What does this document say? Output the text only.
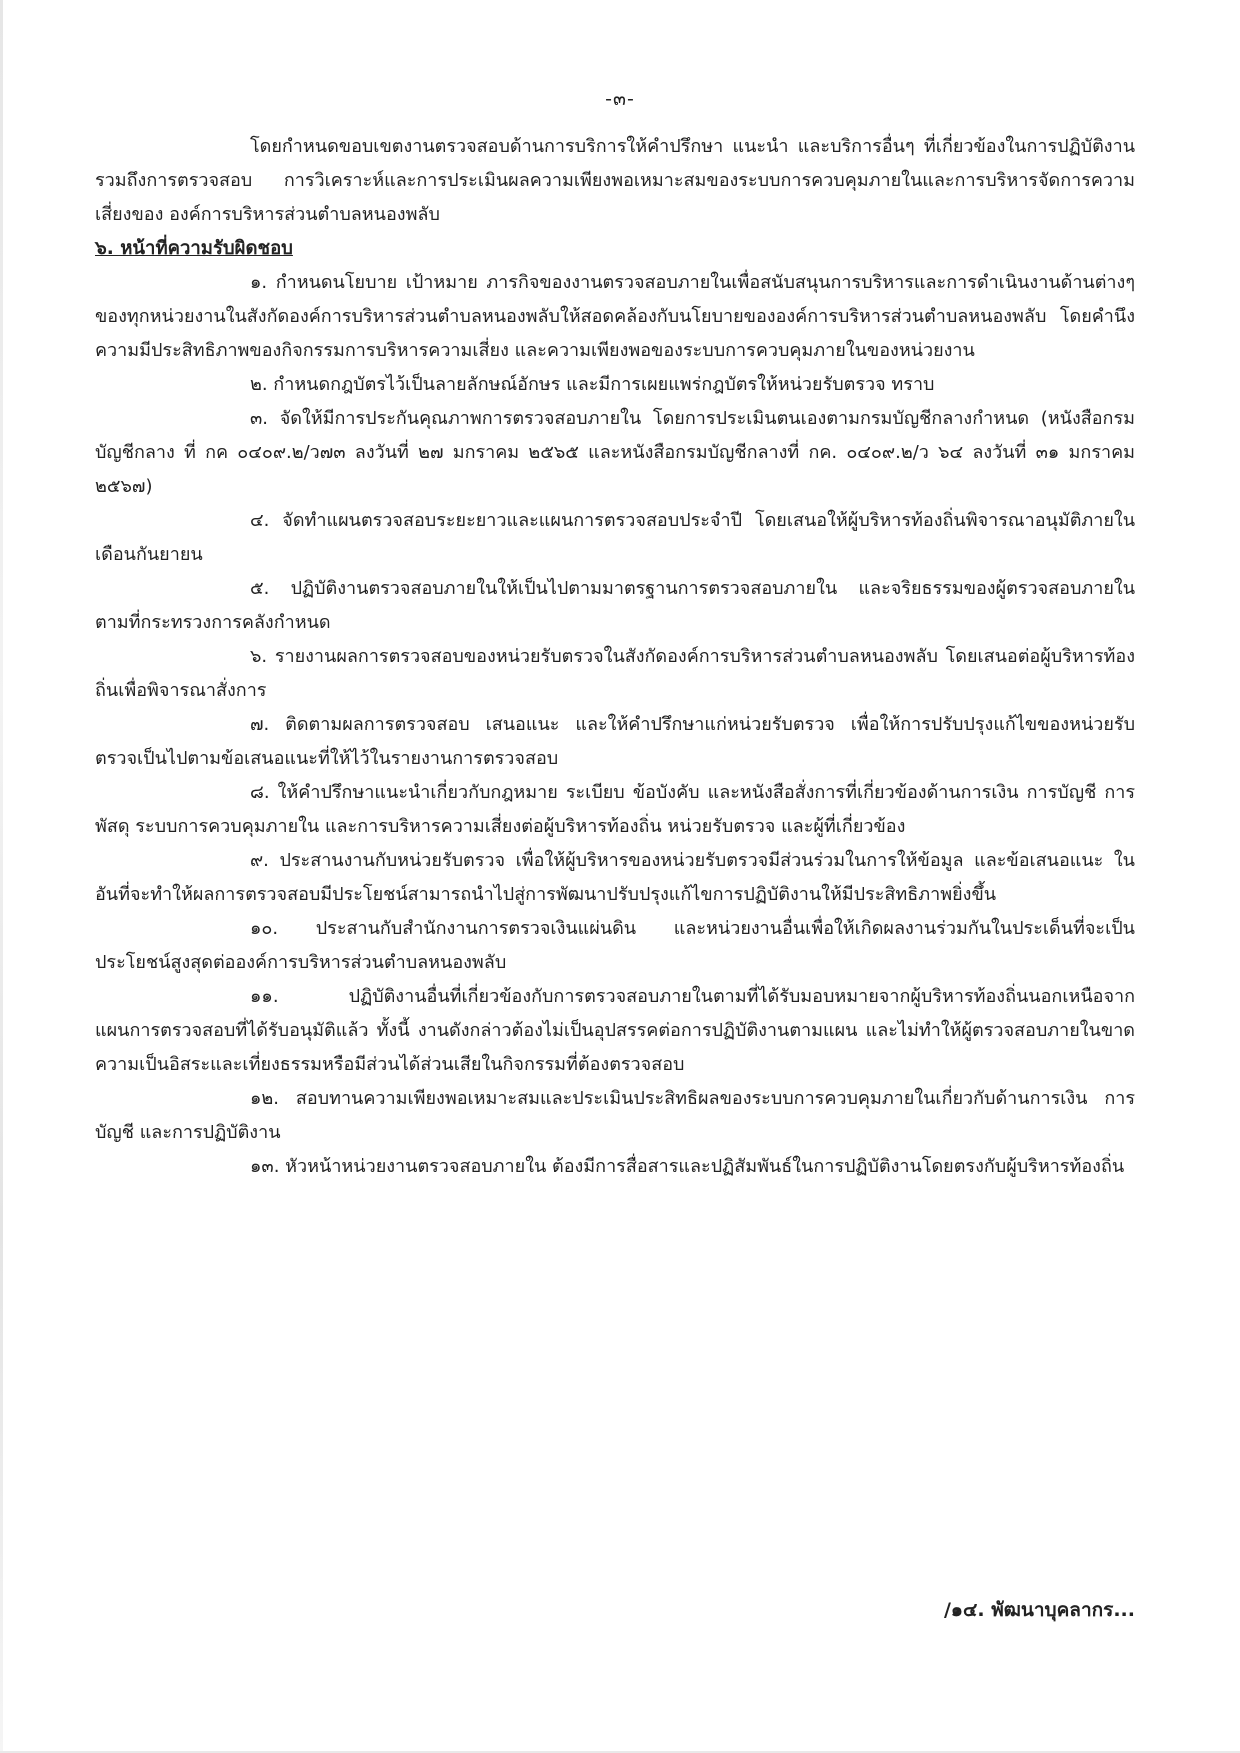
-๓-

โดยกำหนดขอบเขตงานตรวจสอบด้านการบริการให้คำปรึกษา แนะนำ และบริการอื่นๆ ที่เกี่ยวข้องในการปฏิบัติงาน รวมถึงการตรวจสอบ การวิเคราะห์และการประเมินผลความเพียงพอเหมาะสมของระบบการควบคุมภายในและการบริหารจัดการความเสี่ยงของ องค์การบริหารส่วนตำบลหนองพลับ

๖. หน้าที่ความรับผิดชอบ

๑. กำหนดนโยบาย เป้าหมาย ภารกิจของงานตรวจสอบภายในเพื่อสนับสนุนการบริหารและการดำเนินงานด้านต่างๆ ของทุกหน่วยงานในสังกัดองค์การบริหารส่วนตำบลหนองพลับให้สอดคล้องกับนโยบายขององค์การบริหารส่วนตำบลหนองพลับ โดยคำนึงความมีประสิทธิภาพของกิจกรรมการบริหารความเสี่ยง และความเพียงพอของระบบการควบคุมภายในของหน่วยงาน

๒. กำหนดกฎบัตรไว้เป็นลายลักษณ์อักษร และมีการเผยแพร่กฎบัตรให้หน่วยรับตรวจ ทราบ

๓. จัดให้มีการประกันคุณภาพการตรวจสอบภายใน โดยการประเมินตนเองตามกรมบัญชีกลางกำหนด (หนังสือกรมบัญชีกลาง ที่ กค ๐๔๐๙.๒/ว๗๓ ลงวันที่ ๒๗ มกราคม ๒๕๖๕ และหนังสือกรมบัญชีกลางที่ กค. ๐๔๐๙.๒/ว ๖๔ ลงวันที่ ๓๑ มกราคม ๒๕๖๗)

๔. จัดทำแผนตรวจสอบระยะยาวและแผนการตรวจสอบประจำปี โดยเสนอให้ผู้บริหารท้องถิ่นพิจารณาอนุมัติภายในเดือนกันยายน

๕. ปฏิบัติงานตรวจสอบภายในให้เป็นไปตามมาตรฐานการตรวจสอบภายใน และจริยธรรมของผู้ตรวจสอบภายใน ตามที่กระทรวงการคลังกำหนด

๖. รายงานผลการตรวจสอบของหน่วยรับตรวจในสังกัดองค์การบริหารส่วนตำบลหนองพลับ โดยเสนอต่อผู้บริหารท้องถิ่นเพื่อพิจารณาสั่งการ

๗. ติดตามผลการตรวจสอบ เสนอแนะ และให้คำปรึกษาแก่หน่วยรับตรวจ เพื่อให้การปรับปรุงแก้ไขของหน่วยรับตรวจเป็นไปตามข้อเสนอแนะที่ให้ไว้ในรายงานการตรวจสอบ

๘. ให้คำปรึกษาแนะนำเกี่ยวกับกฎหมาย ระเบียบ ข้อบังคับ และหนังสือสั่งการที่เกี่ยวข้องด้านการเงิน การบัญชี การพัสดุ ระบบการควบคุมภายใน และการบริหารความเสี่ยงต่อผู้บริหารท้องถิ่น หน่วยรับตรวจ และผู้ที่เกี่ยวข้อง

๙. ประสานงานกับหน่วยรับตรวจ เพื่อให้ผู้บริหารของหน่วยรับตรวจมีส่วนร่วมในการให้ข้อมูล และข้อเสนอแนะ ในอันที่จะทำให้ผลการตรวจสอบมีประโยชน์สามารถนำไปสู่การพัฒนาปรับปรุงแก้ไขการปฏิบัติงานให้มีประสิทธิภาพยิ่งขึ้น

๑๐. ประสานกับสำนักงานการตรวจเงินแผ่นดิน และหน่วยงานอื่นเพื่อให้เกิดผลงานร่วมกันในประเด็นที่จะเป็นประโยชน์สูงสุดต่อองค์การบริหารส่วนตำบลหนองพลับ

๑๑. ปฏิบัติงานอื่นที่เกี่ยวข้องกับการตรวจสอบภายในตามที่ได้รับมอบหมายจากผู้บริหารท้องถิ่นนอกเหนือจากแผนการตรวจสอบที่ได้รับอนุมัติแล้ว ทั้งนี้ งานดังกล่าวต้องไม่เป็นอุปสรรคต่อการปฏิบัติงานตามแผน และไม่ทำให้ผู้ตรวจสอบภายในขาดความเป็นอิสระและเที่ยงธรรมหรือมีส่วนได้ส่วนเสียในกิจกรรมที่ต้องตรวจสอบ

๑๒. สอบทานความเพียงพอเหมาะสมและประเมินประสิทธิผลของระบบการควบคุมภายในเกี่ยวกับด้านการเงิน การบัญชี และการปฏิบัติงาน

๑๓. หัวหน้าหน่วยงานตรวจสอบภายใน ต้องมีการสื่อสารและปฏิสัมพันธ์ในการปฏิบัติงานโดยตรงกับผู้บริหารท้องถิ่น

/๑๔. พัฒนาบุคลากร...
